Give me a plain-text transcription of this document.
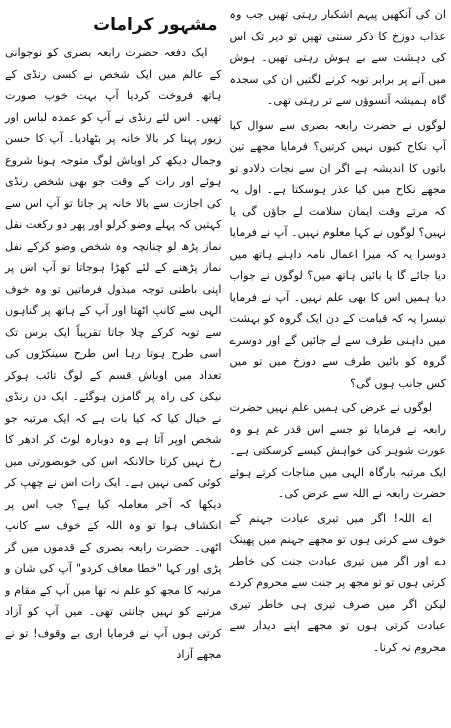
ان کی آنکھیں پیہم اشکبار رہتی تھیں جب وہ عذاب دوزخ کا ذکر سنتی تھیں تو دیر تک اس کی دہشت سے بے ہوش رہتی تھیں۔ ہوش میں آنے پر برابر توبہ کرنے لگتیں ان کی سجدہ گاہ ہمیشہ آنسوؤں سے تر رہتی تھی۔

لوگوں نے حضرت رابعہ بصری سے سوال کیا آپ نکاح کیوں نہیں کرتیں؟ فرمایا مجھے تین باتوں کا اندیشہ ہے اگر ان سے نجات دلادو تو مجھے نکاح میں کیا عذر ہوسکتا ہے۔ اول یہ کہ مرتے وقت ایمان سلامت لے جاؤں گی یا نہیں؟ لوگوں نے کہا معلوم نہیں۔ آپ نے فرمایا دوسرا یہ کہ میرا اعمال نامہ داہنے ہاتھ میں دیا جائے گا یا بائیں ہاتھ میں؟ لوگوں نے جواب دیا ہمیں اس کا بھی علم نہیں۔ آپ نے فرمایا تیسرا یہ کہ قیامت کے دن ایک گروہ کو بہشت میں داہنی طرف سے لے جائیں گے اور دوسرے گروہ کو بائیں طرف سے دوزخ میں تو میں کس جانب ہوں گی؟

لوگوں نے عرض کی ہمیں علم نہیں حضرت رابعہ نے فرمایا تو جسے اس قدر غم ہو وہ عورت شوہر کی خواہش کیسے کرسکتی ہے۔ ایک مرتبہ بارگاہ الہی میں مناجات کرتے ہوئے حضرت رابعہ نے اللہ سے عرض کی۔

اے اللہ! اگر میں تیری عبادت جہنم کے خوف سے کرتی ہوں تو مجھے جہنم میں پھینک دے اور اگر میں تیری عبادت جنت کی خاطر کرتی ہوں تو تو مجھ پر جنت سے محروم کردے لیکن اگر میں صرف تیری ہی خاطر تیری عبادت کرتی ہوں تو مجھے اپنے دیدار سے محروم نہ کرنا۔

مشہور کرامات

ایک دفعہ حضرت رابعہ بصری کو نوجوانی کے عالم میں ایک شخص نے کسی رنڈی کے ہاتھ فروخت کردیا آپ بہت خوب صورت تھیں۔ اس لئے رنڈی نے آپ کو عمدہ لباس اور زیور پہنا کر بالا خانہ پر بٹھادیا۔ آپ کا حسن وجمال دیکھ کر اوباش لوگ متوجہ ہونا شروع ہوئے اور رات کے وقت جو بھی شخص رنڈی کی اجازت سے بالا خانہ پر جاتا تو آپ اس سے کہتیں کہ پہلے وضو کرلو اور پھر دو رکعت نفل نماز پڑھ لو چنانچہ وہ شخص وضو کرکے نفل نماز پڑھنے کے لئے کھڑا ہوجاتا تو آپ اس پر اپنی باطنی توجہ مبذول فرماتیں تو وہ خوف الہی سے کانپ اٹھتا اور آپ کے ہاتھ پر گناہوں سے توبہ کرکے چلا جاتا تقریباً ایک برس تک اسی طرح ہوتا رہا اس طرح سینکڑوں کی تعداد میں اوباش قسم کے لوگ تائب ہوکر نیکی کی راہ پر گامزن ہوگئے۔ ایک دن رنڈی نے خیال کیا کہ کیا بات ہے کہ ایک مرتبہ جو شخص اوپر آتا ہے وہ دوبارہ لوٹ کر ادھر کا رخ نہیں کرتا حالانکہ اس کی خوبصورتی میں کوئی کمی نہیں ہے۔ ایک رات اس نے چھپ کر دیکھا کہ آخر معاملہ کیا ہے؟ جب اس پر انکشاف ہوا تو وہ اللہ کے خوف سے کانپ اٹھی۔ حضرت رابعہ بصری کے قدموں میں گر پڑی اور کہا "خطا معاف کردو" آپ کی شان و مرتبہ کا مجھ کو علم نہ تھا میں آپ کے مقام و مرتبے کو نہیں جانتی تھی۔ میں آپ کو آزاد کرتی ہوں آپ نے فرمایا اری بے وقوف! تو نے مجھے آزاد
